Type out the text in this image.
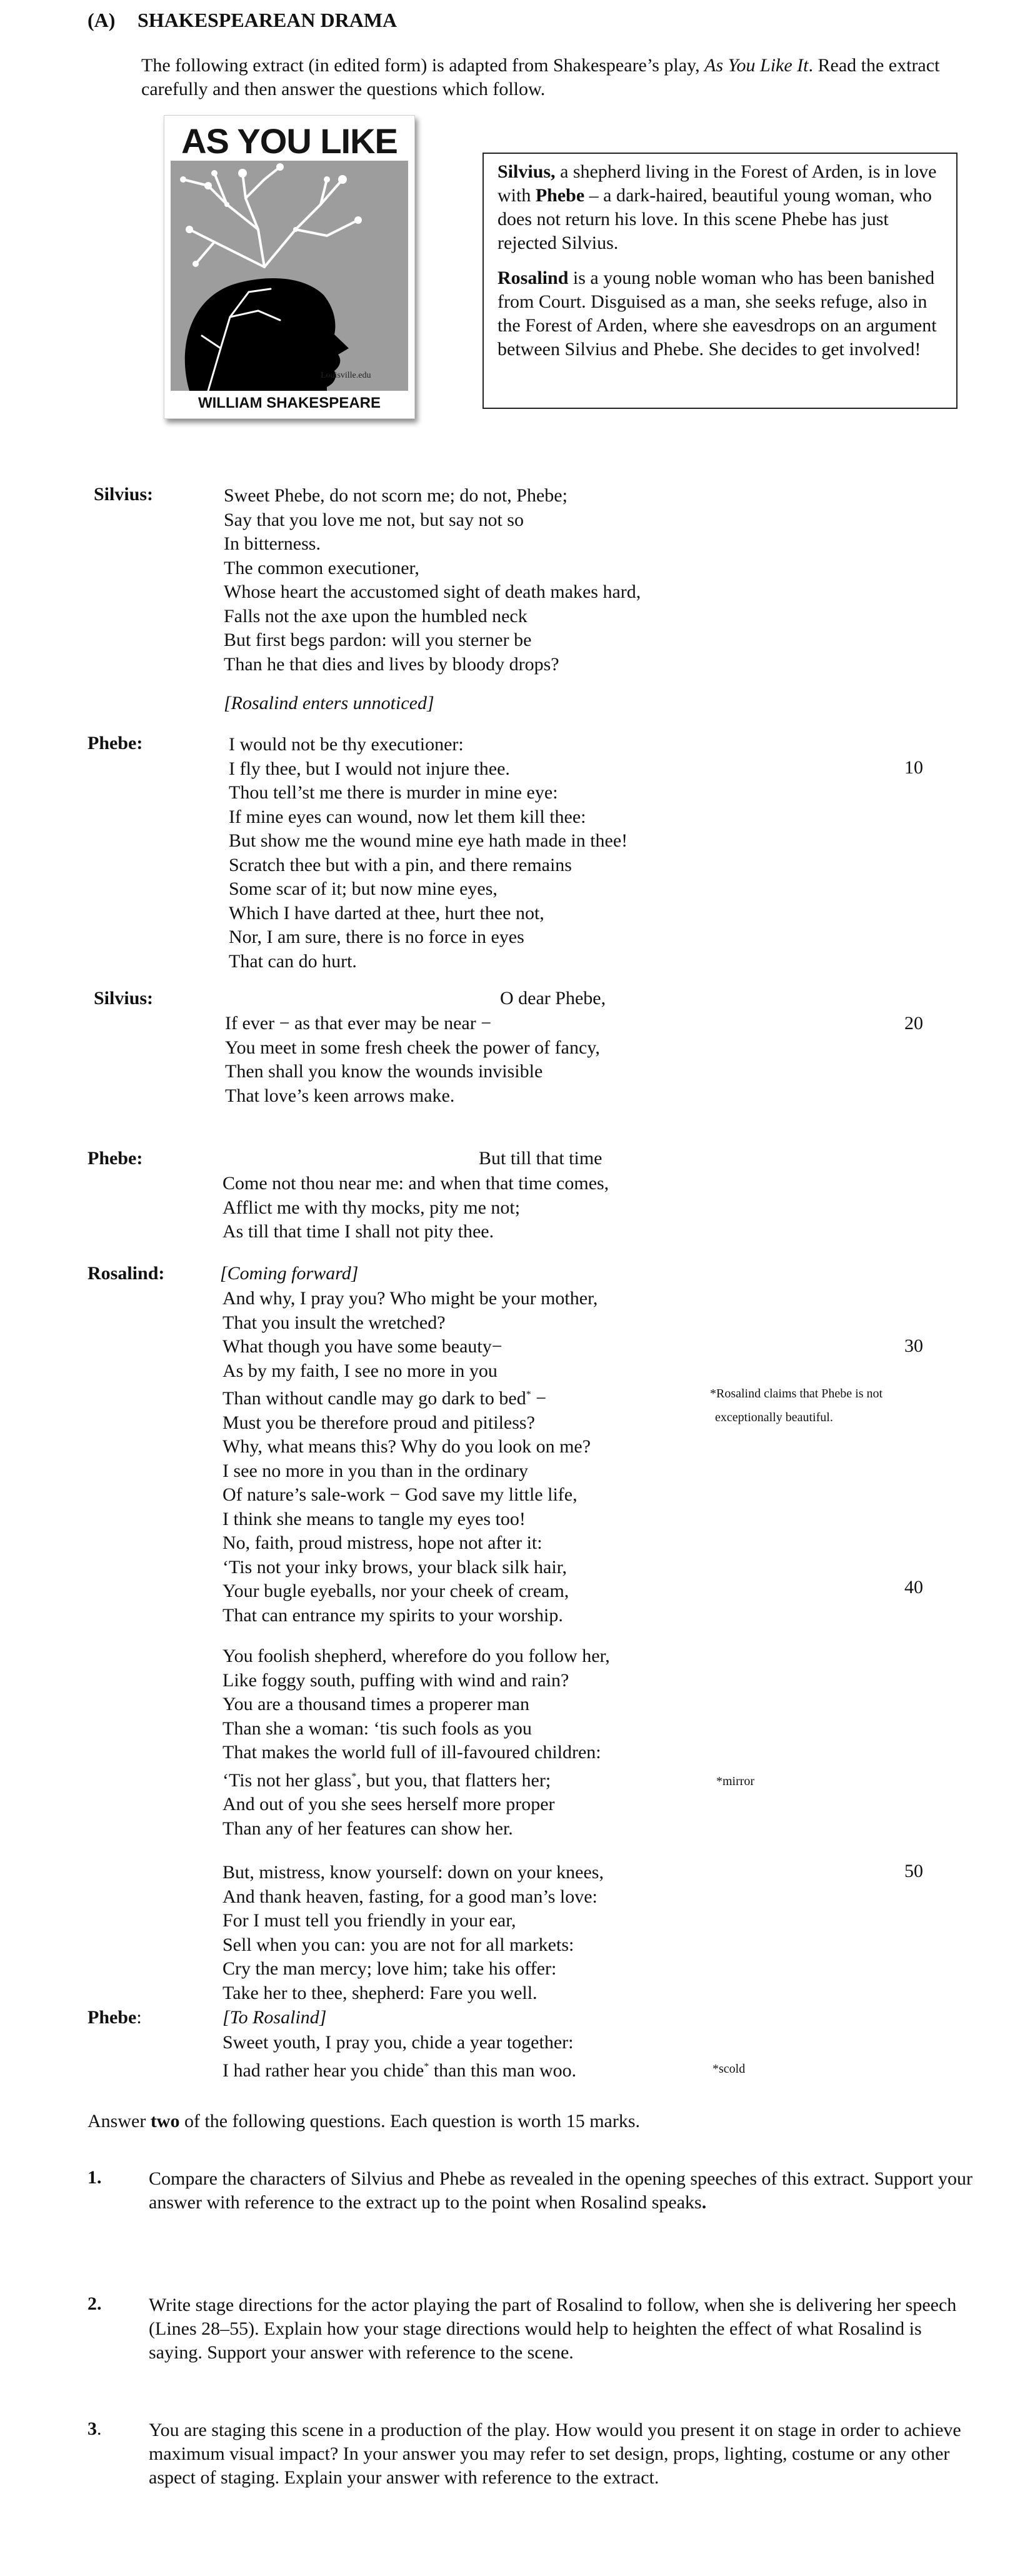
(A) SHAKESPEAREAN DRAMA
The following extract (in edited form) is adapted from Shakespeare’s play, As You Like It. Read the extract carefully and then answer the questions which follow.
AS YOU LIKE
Louisville.edu
WILLIAM SHAKESPEARE

Silvius, a shepherd living in the Forest of Arden, is in love with Phebe – a dark-haired, beautiful young woman, who does not return his love. In this scene Phebe has just rejected Silvius.

Rosalind is a young noble woman who has been banished from Court. Disguised as a man, she seeks refuge, also in the Forest of Arden, where she eavesdrops on an argument between Silvius and Phebe. She decides to get involved!

Silvius:	Sweet Phebe, do not scorn me; do not, Phebe;
Say that you love me not, but say not so
In bitterness.
The common executioner,
Whose heart the accustomed sight of death makes hard,
Falls not the axe upon the humbled neck
But first begs pardon: will you sterner be
Than he that dies and lives by bloody drops?
[Rosalind enters unnoticed]
Phebe:	I would not be thy executioner:
I fly thee, but I would not injure thee.
Thou tell’st me there is murder in mine eye:
If mine eyes can wound, now let them kill thee:
But show me the wound mine eye hath made in thee!
Scratch thee but with a pin, and there remains
Some scar of it; but now mine eyes,
Which I have darted at thee, hurt thee not,
Nor, I am sure, there is no force in eyes
That can do hurt.
10
Silvius:	O dear Phebe,
If ever − as that ever may be near −
You meet in some fresh cheek the power of fancy,
Then shall you know the wounds invisible
That love’s keen arrows make.
20
Phebe:	But till that time
Come not thou near me: and when that time comes,
Afflict me with thy mocks, pity me not;
As till that time I shall not pity thee.
Rosalind:	[Coming forward]
And why, I pray you? Who might be your mother,
That you insult the wretched?
What though you have some beauty−
As by my faith, I see no more in you
Than without candle may go dark to bed* −
Must you be therefore proud and pitiless?
Why, what means this? Why do you look on me?
I see no more in you than in the ordinary
Of nature’s sale-work − God save my little life,
I think she means to tangle my eyes too!
No, faith, proud mistress, hope not after it:
‘Tis not your inky brows, your black silk hair,
Your bugle eyeballs, nor your cheek of cream,
That can entrance my spirits to your worship.
30
*Rosalind claims that Phebe is not
exceptionally beautiful.
40
You foolish shepherd, wherefore do you follow her,
Like foggy south, puffing with wind and rain?
You are a thousand times a properer man
Than she a woman: ‘tis such fools as you
That makes the world full of ill-favoured children:
‘Tis not her glass*, but you, that flatters her;
And out of you she sees herself more proper
Than any of her features can show her.
*mirror
But, mistress, know yourself: down on your knees,
And thank heaven, fasting, for a good man’s love:
For I must tell you friendly in your ear,
Sell when you can: you are not for all markets:
Cry the man mercy; love him; take his offer:
Take her to thee, shepherd: Fare you well.
50
Phebe:	[To Rosalind]
Sweet youth, I pray you, chide a year together:
I had rather hear you chide* than this man woo.	*scold
Answer two of the following questions. Each question is worth 15 marks.
1.	Compare the characters of Silvius and Phebe as revealed in the opening speeches of this extract. Support your answer with reference to the extract up to the point when Rosalind speaks.
2.	Write stage directions for the actor playing the part of Rosalind to follow, when she is delivering her speech (Lines 28–55). Explain how your stage directions would help to heighten the effect of what Rosalind is saying. Support your answer with reference to the scene.
3.	You are staging this scene in a production of the play. How would you present it on stage in order to achieve maximum visual impact? In your answer you may refer to set design, props, lighting, costume or any other aspect of staging. Explain your answer with reference to the extract.
